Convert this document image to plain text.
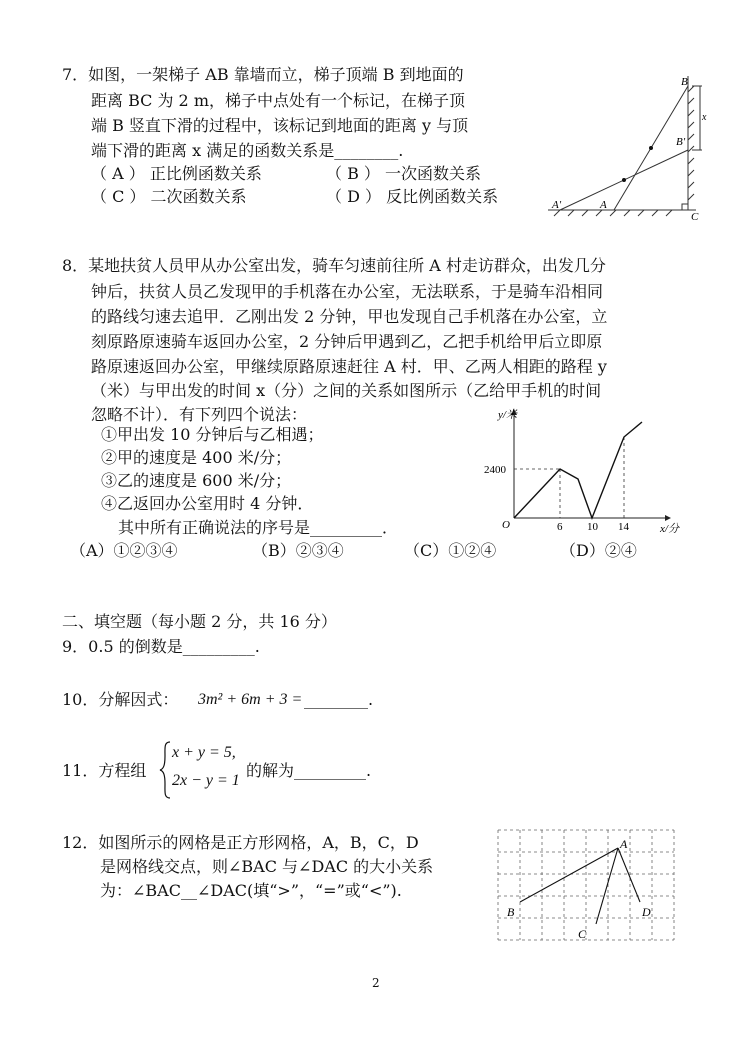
7．如图，一架梯子 AB 靠墙而立，梯子顶端 B 到地面的
距离 BC 为 2 m，梯子中点处有一个标记，在梯子顶
端 B 竖直下滑的过程中，该标记到地面的距离 y 与顶
端下滑的距离 x 满足的函数关系是________.
（ A ） 正比例函数关系	（ B ） 一次函数关系
（ C ） 二次函数关系	（ D ） 反比例函数关系
B
B′
x
A′	A
C
8．某地扶贫人员甲从办公室出发，骑车匀速前往所 A 村走访群众，出发几分
钟后，扶贫人员乙发现甲的手机落在办公室，无法联系，于是骑车沿相同
的路线匀速去追甲．乙刚出发 2 分钟，甲也发现自己手机落在办公室，立
刻原路原速骑车返回办公室，2 分钟后甲遇到乙，乙把手机给甲后立即原
路原速返回办公室，甲继续原路原速赶往 A 村．甲、乙两人相距的路程 y
（米）与甲出发的时间 x（分）之间的关系如图所示（乙给甲手机的时间
忽略不计）．有下列四个说法：
①甲出发 10 分钟后与乙相遇；
②甲的速度是 400 米/分；
③乙的速度是 600 米/分；
④乙返回办公室用时 4 分钟．
其中所有正确说法的序号是_________．
（A）①②③④	（B）②③④	（C）①②④	（D）②④
y/米
x/分
O
2400
6 10 14
二、填空题（每小题 2 分，共 16 分）
9．0.5 的倒数是_________.
10．分解因式： 3m² + 6m + 3 = ________.
11．方程组
x + y = 5,
2x − y = 1
的解为_________.
12．如图所示的网格是正方形网格，A，B，C，D
是网格线交点，则∠BAC 与∠DAC 的大小关系
为：∠BAC__∠DAC(填“>”，“=”或“<”).
A
B
C
D
2
